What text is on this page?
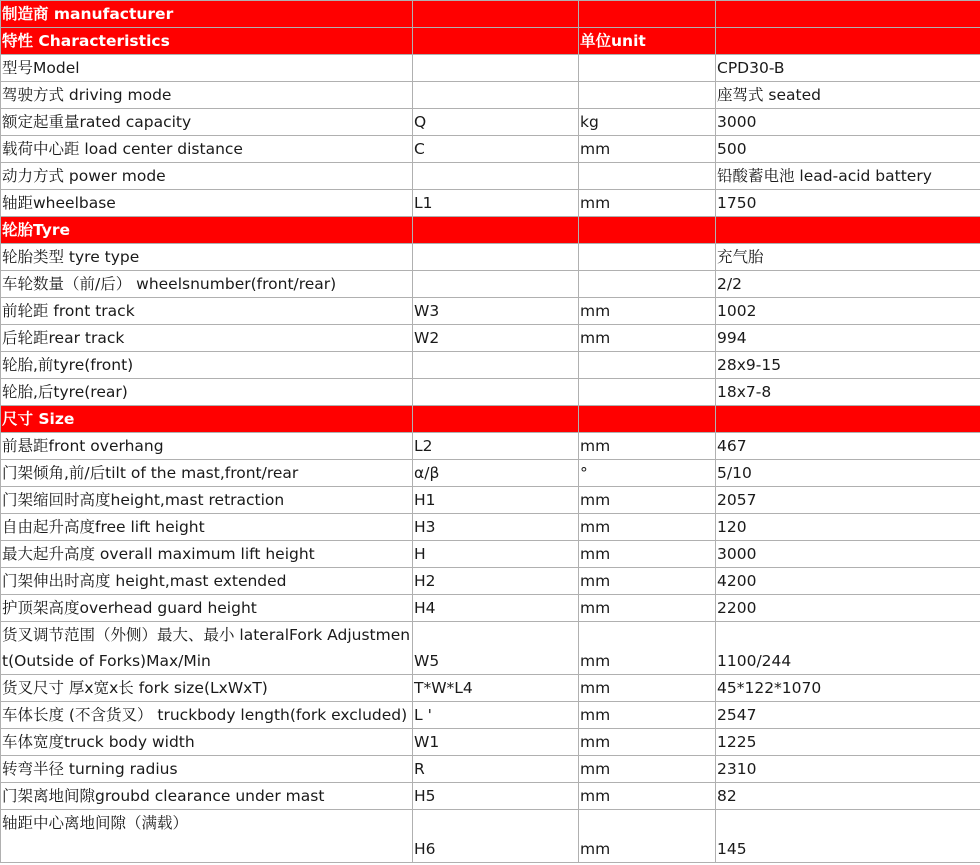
制造商 manufacturer			
特性 Characteristics		单位unit	
型号Model			CPD30-B
驾驶方式 driving mode			座驾式 seated
额定起重量rated capacity	Q	kg	3000
载荷中心距 load center distance	C	mm	500
动力方式 power mode			铅酸蓄电池 lead-acid battery
轴距wheelbase	L1	mm	1750
轮胎Tyre			
轮胎类型 tyre type			充气胎
车轮数量（前/后） wheelsnumber(front/rear)			2/2
前轮距 front track	W3	mm	1002
后轮距rear track	W2	mm	994
轮胎,前tyre(front)			28x9-15
轮胎,后tyre(rear)			18x7-8
尺寸 Size			
前悬距front overhang	L2	mm	467
门架倾角,前/后tilt of the mast,front/rear	α/β	°	5/10
门架缩回时高度height,mast retraction	H1	mm	2057
自由起升高度free lift height	H3	mm	120
最大起升高度 overall maximum lift height	H	mm	3000
门架伸出时高度 height,mast extended	H2	mm	4200
护顶架高度overhead guard height	H4	mm	2200
货叉调节范围（外侧）最大、最小 lateralFork Adjustment(Outside of Forks)Max/Min	W5	mm	1100/244
货叉尺寸 厚x宽x长 fork size(LxWxT)	T*W*L4	mm	45*122*1070
车体长度 (不含货叉） truckbody length(fork excluded)	L '	mm	2547
车体宽度truck body width	W1	mm	1225
转弯半径 turning radius	R	mm	2310
门架离地间隙groubd clearance under mast	H5	mm	82
轴距中心离地间隙（满载）	H6	mm	145
